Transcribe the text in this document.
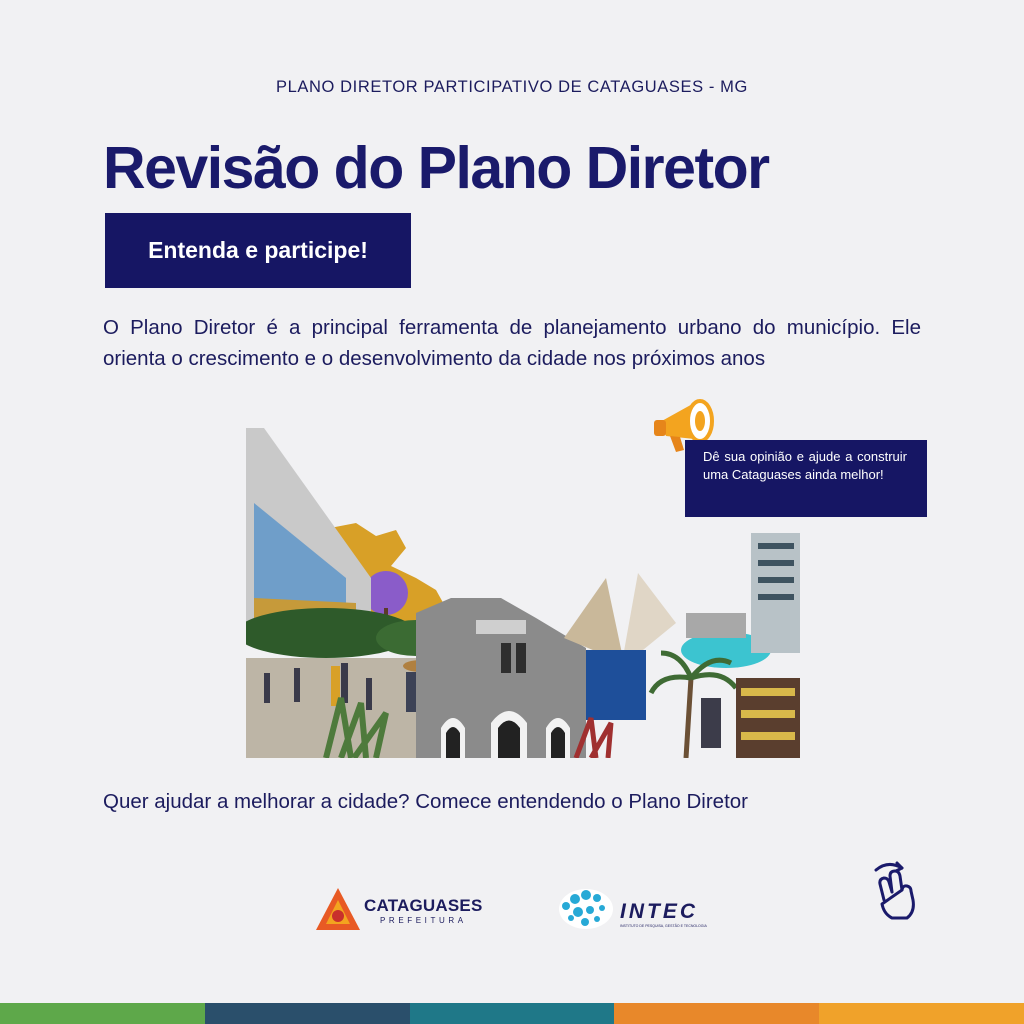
PLANO DIRETOR PARTICIPATIVO DE CATAGUASES - MG
Revisão do Plano Diretor
Entenda e participe!

O Plano Diretor é a principal ferramenta de planejamento urbano do município. Ele orienta o crescimento e o desenvolvimento da cidade nos próximos anos

Dê sua opinião e ajude a construir uma Cataguases ainda melhor!

Quer ajudar a melhorar a cidade? Comece entendendo o Plano Diretor

CATAGUASES
PREFEITURA	INTEC
INSTITUTO DE PESQUISA, GESTÃO E TECNOLOGIA
